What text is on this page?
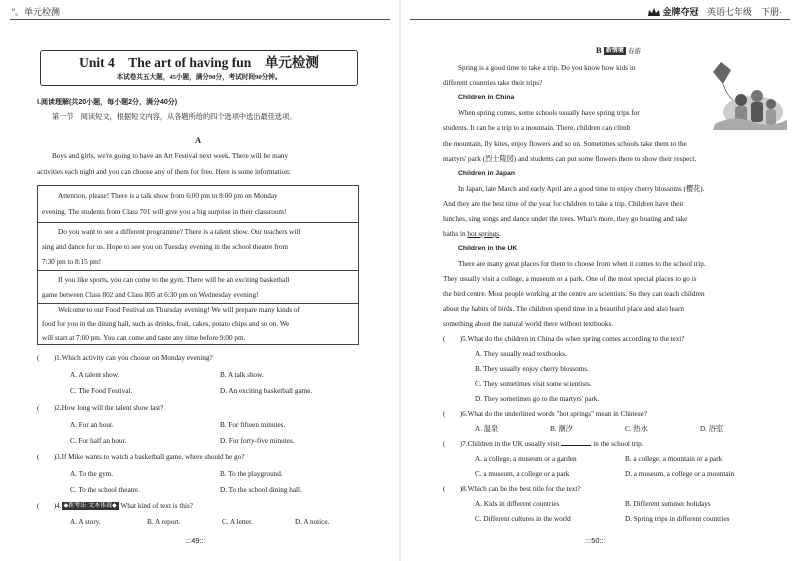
“。单元检测
Unit 4　The art of having fun　单元检测
本试卷共五大题，45小题，满分90分，考试时间90分钟。
Ⅰ.阅读理解(共20小题，每小题2分，满分40分)
第一节　阅读短文，根据短文内容，从各题所给的四个选项中选出最佳选项。
A
Boys and girls, we're going to have an Art Festival next week. There will be many
activities each night and you can choose any of them for free. Here is some information:
Attention, please! There is a talk show from 6:00 pm to 8:00 pm on Monday
evening. The students from Class 701 will give you a big surprise in their classroom!
Do you want to see a different programme? There is a talent show. Our teachers will
sing and dance for us. Hope to see you on Tuesday evening in the school theatre from
7:30 pm to 8:15 pm!
If you like sports, you can come to the gym. There will be an exciting basketball
game between Class 802 and Class 805 at 6:30 pm on Wednesday evening!
Welcome to our Food Festival on Thursday evening! We will prepare many kinds of
food for you in the dining hall, such as drinks, fruit, cakes, potato chips and so on. We
will start at 7:00 pm. You can come and taste any time before 9:00 pm.
(　　)1.Which activity can you choose on Monday evening?
A. A talent show.	B. A talk show.
C. The Food Festival.	D. An exciting basketball game.
(　　)2.How long will the talent show last?
A. For an hour.	B. For fifteen minutes.
C. For half an hour.	D. For forty-five minutes.
(　　)3.If Mike wants to watch a basketball game, where should he go?
A. To the gym.	B. To the playground.
C. To the school theatre.	D. To the school dining hall.
(　　)4. ◆新考法·文本体裁◆ What kind of text is this?
A. A story.	B. A report.	C. A letter.	D. A notice.
:::49:::
金牌夺冠 英语七年级　下册·
B 新情境 春游
Spring is a good time to take a trip. Do you know how kids in
different countries take their trips?
Children in China
When spring comes, some schools usually have spring trips for
students. It can be a trip to a mountain. There, children can climb
the mountain, fly kites, enjoy flowers and so on. Sometimes schools take them to the
martyrs' park (烈士陵园) and students can put some flowers there to show their respect.
Children in Japan
In Japan, late March and early April are a good time to enjoy cherry blossoms (樱花).
And they are the best time of the year for children to take a trip. Children have their
lunches, sing songs and dance under the trees. What's more, they go boating and take
baths in hot springs.
Children in the UK
There are many great places for them to choose from when it comes to the school trip.
They usually visit a college, a museum or a park. One of the most special places to go is
the bird centre. Most people working at the centre are scientists. So they can teach children
about the habits of birds. The children spend time in a beautiful place and also learn
something about the natural world there without textbooks.
(　　)5.What do the children in China do when spring comes according to the text?
A. They usually read textbooks.
B. They usually enjoy cherry blossoms.
C. They sometimes visit some scientists.
D. They sometimes go to the martyrs' park.
(　　)6.What do the underlined words "hot springs" mean in Chinese?
A. 温泉	B. 潮汐	C. 热水	D. 浴室
(　　)7.Children in the UK usually visit	in the school trip.
A. a college, a museum or a garden	B. a college, a mountain or a park
C. a museum, a college or a park	D. a museum, a college or a mountain
(　　)8.Which can be the best title for the text?
A. Kids in different countries	B. Different summer holidays
C. Different cultures in the world	D. Spring trips in different countries
:::50:::
